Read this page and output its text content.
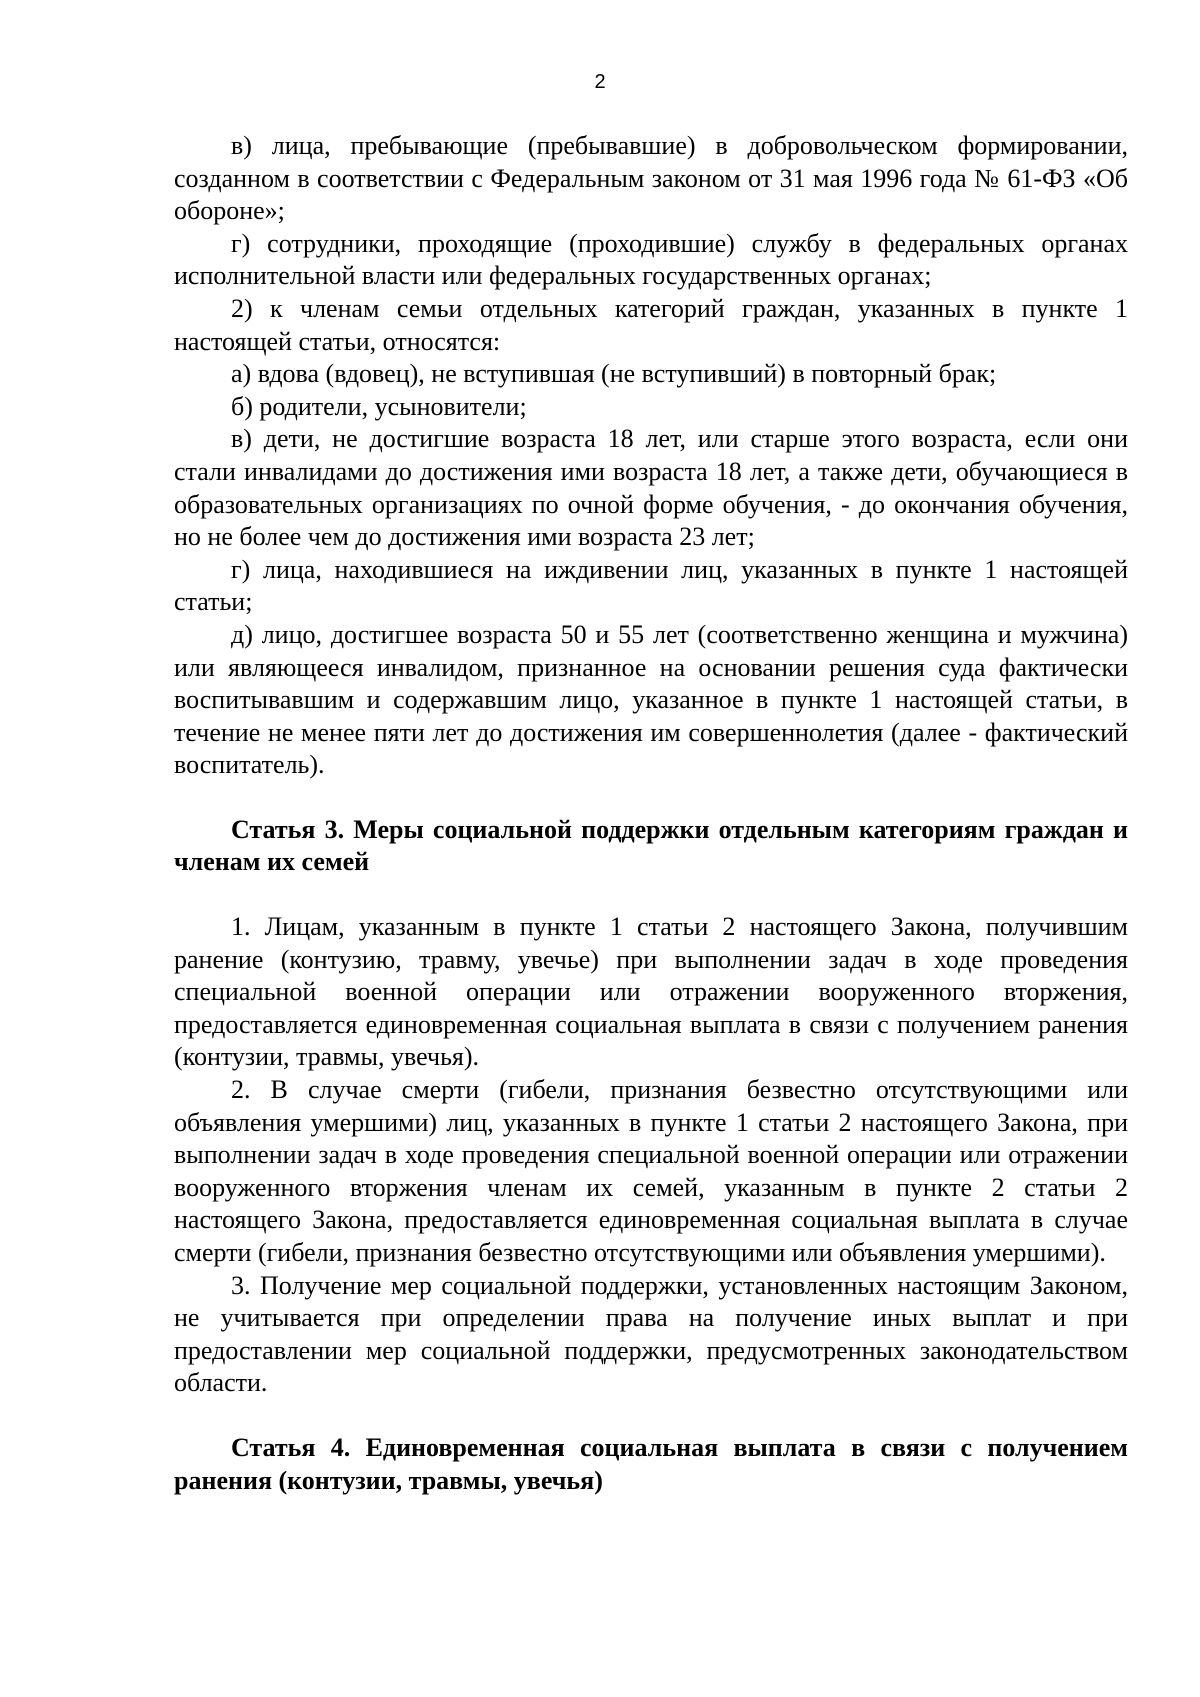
2

в) лица, пребывающие (пребывавшие) в добровольческом формировании, созданном в соответствии с Федеральным законом от 31 мая 1996 года № 61-ФЗ «Об обороне»;

г) сотрудники, проходящие (проходившие) службу в федеральных органах исполнительной власти или федеральных государственных органах;

2) к членам семьи отдельных категорий граждан, указанных в пункте 1 настоящей статьи, относятся:

а) вдова (вдовец), не вступившая (не вступивший) в повторный брак;

б) родители, усыновители;

в) дети, не достигшие возраста 18 лет, или старше этого возраста, если они стали инвалидами до достижения ими возраста 18 лет, а также дети, обучающиеся в образовательных организациях по очной форме обучения, - до окончания обучения, но не более чем до достижения ими возраста 23 лет;

г) лица, находившиеся на иждивении лиц, указанных в пункте 1 настоящей статьи;

д) лицо, достигшее возраста 50 и 55 лет (соответственно женщина и мужчина) или являющееся инвалидом, признанное на основании решения суда фактически воспитывавшим и содержавшим лицо, указанное в пункте 1 настоящей статьи, в течение не менее пяти лет до достижения им совершеннолетия (далее - фактический воспитатель).

Статья 3. Меры социальной поддержки отдельным категориям граждан и членам их семей

1. Лицам, указанным в пункте 1 статьи 2 настоящего Закона, получившим ранение (контузию, травму, увечье) при выполнении задач в ходе проведения специальной военной операции или отражении вооруженного вторжения, предоставляется единовременная социальная выплата в связи с получением ранения (контузии, травмы, увечья).

2. В случае смерти (гибели, признания безвестно отсутствующими или объявления умершими) лиц, указанных в пункте 1 статьи 2 настоящего Закона, при выполнении задач в ходе проведения специальной военной операции или отражении вооруженного вторжения членам их семей, указанным в пункте 2 статьи 2 настоящего Закона, предоставляется единовременная социальная выплата в случае смерти (гибели, признания безвестно отсутствующими или объявления умершими).

3. Получение мер социальной поддержки, установленных настоящим Законом, не учитывается при определении права на получение иных выплат и при предоставлении мер социальной поддержки, предусмотренных законодательством области.

Статья 4. Единовременная социальная выплата в связи с получением ранения (контузии, травмы, увечья)
